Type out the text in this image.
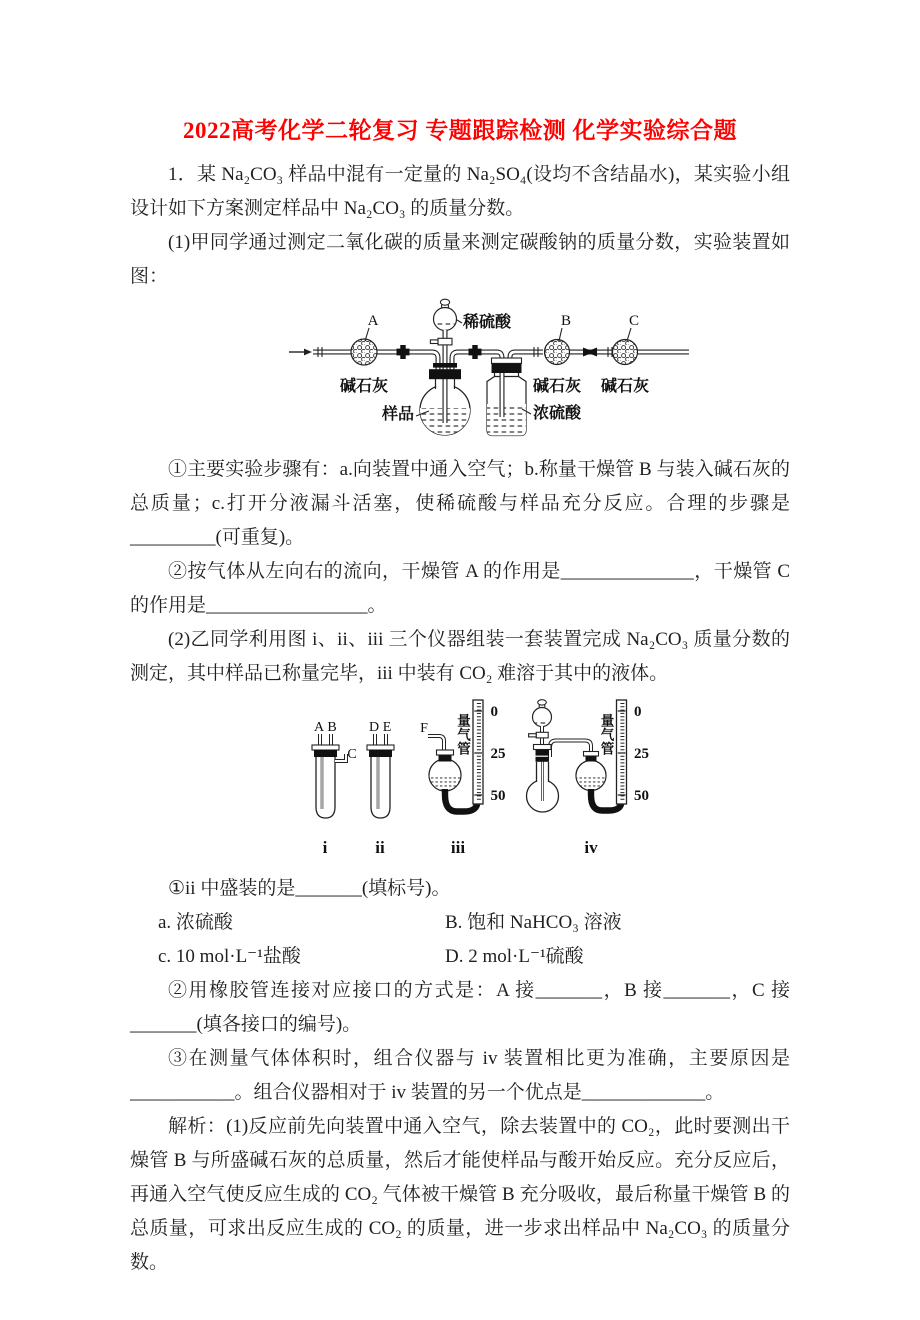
2022高考化学二轮复习 专题跟踪检测 化学实验综合题

1．某 Na₂CO₃ 样品中混有一定量的 Na₂SO₄(设均不含结晶水)，某实验小组设计如下方案测定样品中 Na₂CO₃ 的质量分数。

(1)甲同学通过测定二氧化碳的质量来测定碳酸钠的质量分数，实验装置如图：

A	B	C
碱石灰	碱石灰 碱石灰
稀硫酸
样品	浓硫酸

①主要实验步骤有：a.向装置中通入空气；b.称量干燥管 B 与装入碱石灰的总质量；c.打开分液漏斗活塞，使稀硫酸与样品充分反应。合理的步骤是_________(可重复)。

②按气体从左向右的流向，干燥管 A 的作用是______________，干燥管 C 的作用是_________________。

(2)乙同学利用图 i、ii、iii 三个仪器组装一套装置完成 Na₂CO₃ 质量分数的测定，其中样品已称量完毕，iii 中装有 CO₂ 难溶于其中的液体。

A B
C
D E F 量
气
管
量
气
管
0
25
50
0
25
50
i	ii	iii	iv

①ii 中盛装的是_______(填标号)。

a. 浓硫酸	B. 饱和 NaHCO₃ 溶液
c. 10 mol·L⁻¹盐酸	D. 2 mol·L⁻¹硫酸

②用橡胶管连接对应接口的方式是：A 接_______，B 接_______，C 接_______(填各接口的编号)。

③在测量气体体积时，组合仪器与 iv 装置相比更为准确，主要原因是___________。组合仪器相对于 iv 装置的另一个优点是_____________。

解析：(1)反应前先向装置中通入空气，除去装置中的 CO₂，此时要测出干燥管 B 与所盛碱石灰的总质量，然后才能使样品与酸开始反应。充分反应后，再通入空气使反应生成的 CO₂ 气体被干燥管 B 充分吸收，最后称量干燥管 B 的总质量，可求出反应生成的 CO₂ 的质量，进一步求出样品中 Na₂CO₃ 的质量分数。
